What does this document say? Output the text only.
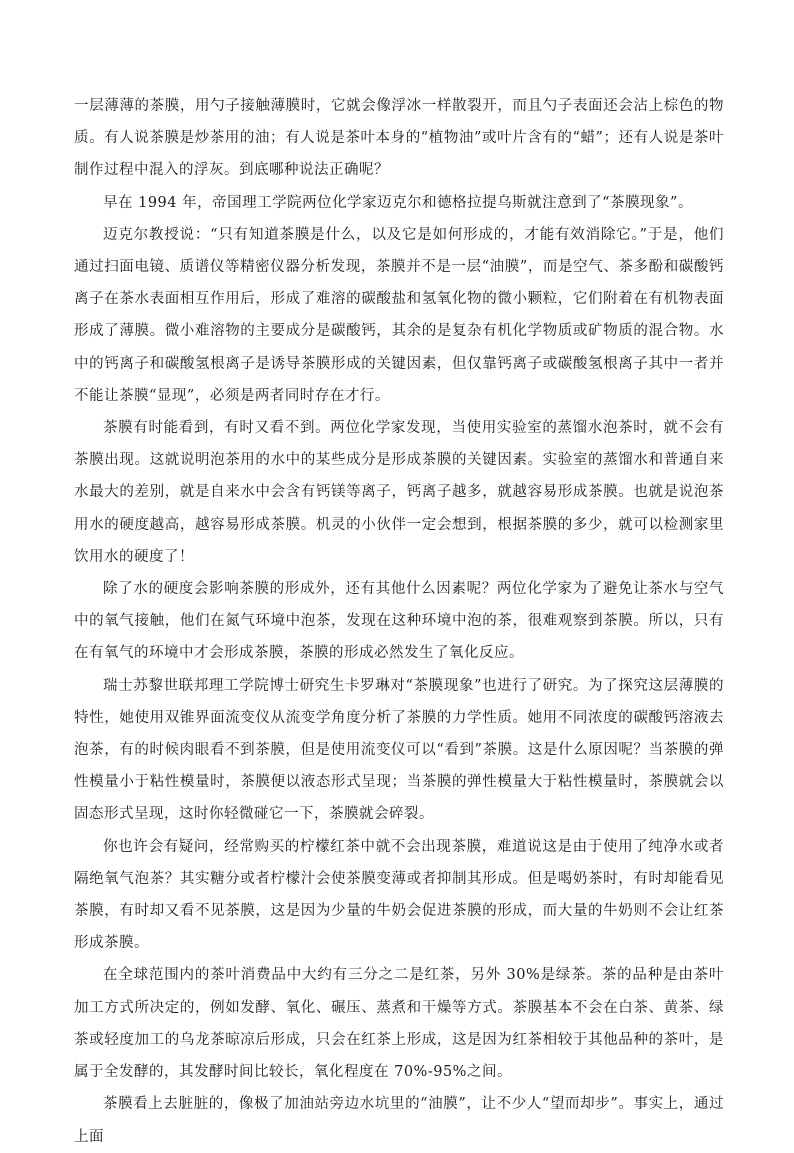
一层薄薄的茶膜，用勺子接触薄膜时，它就会像浮冰一样散裂开，而且勺子表面还会沾上棕色的物质。有人说茶膜是炒茶用的油；有人说是茶叶本身的“植物油”或叶片含有的“蜡”；还有人说是茶叶制作过程中混入的浮灰。到底哪种说法正确呢？

早在 1994 年，帝国理工学院两位化学家迈克尔和德格拉提乌斯就注意到了“茶膜现象”。

迈克尔教授说：“只有知道茶膜是什么，以及它是如何形成的，才能有效消除它。”于是，他们通过扫面电镜、质谱仪等精密仪器分析发现，茶膜并不是一层“油膜”，而是空气、茶多酚和碳酸钙离子在茶水表面相互作用后，形成了难溶的碳酸盐和氢氧化物的微小颗粒，它们附着在有机物表面形成了薄膜。微小难溶物的主要成分是碳酸钙，其余的是复杂有机化学物质或矿物质的混合物。水中的钙离子和碳酸氢根离子是诱导茶膜形成的关键因素，但仅靠钙离子或碳酸氢根离子其中一者并不能让茶膜“显现”，必须是两者同时存在才行。

茶膜有时能看到，有时又看不到。两位化学家发现，当使用实验室的蒸馏水泡茶时，就不会有茶膜出现。这就说明泡茶用的水中的某些成分是形成茶膜的关键因素。实验室的蒸馏水和普通自来水最大的差别，就是自来水中会含有钙镁等离子，钙离子越多，就越容易形成茶膜。也就是说泡茶用水的硬度越高，越容易形成茶膜。机灵的小伙伴一定会想到，根据茶膜的多少，就可以检测家里饮用水的硬度了！

除了水的硬度会影响茶膜的形成外，还有其他什么因素呢？两位化学家为了避免让茶水与空气中的氧气接触，他们在氮气环境中泡茶，发现在这种环境中泡的茶，很难观察到茶膜。所以，只有在有氧气的环境中才会形成茶膜，茶膜的形成必然发生了氧化反应。

瑞士苏黎世联邦理工学院博士研究生卡罗琳对“茶膜现象”也进行了研究。为了探究这层薄膜的特性，她使用双锥界面流变仪从流变学角度分析了茶膜的力学性质。她用不同浓度的碳酸钙溶液去泡茶，有的时候肉眼看不到茶膜，但是使用流变仪可以“看到”茶膜。这是什么原因呢？当茶膜的弹性模量小于粘性模量时，茶膜便以液态形式呈现；当茶膜的弹性模量大于粘性模量时，茶膜就会以固态形式呈现，这时你轻微碰它一下，茶膜就会碎裂。

你也许会有疑问，经常购买的柠檬红茶中就不会出现茶膜，难道说这是由于使用了纯净水或者隔绝氧气泡茶？其实糖分或者柠檬汁会使茶膜变薄或者抑制其形成。但是喝奶茶时，有时却能看见茶膜，有时却又看不见茶膜，这是因为少量的牛奶会促进茶膜的形成，而大量的牛奶则不会让红茶形成茶膜。

在全球范围内的茶叶消费品中大约有三分之二是红茶，另外 30%是绿茶。茶的品种是由茶叶加工方式所决定的，例如发酵、氧化、碾压、蒸煮和干燥等方式。茶膜基本不会在白茶、黄茶、绿茶或轻度加工的乌龙茶晾凉后形成，只会在红茶上形成，这是因为红茶相较于其他品种的茶叶，是属于全发酵的，其发酵时间比较长，氧化程度在 70%-95%之间。

茶膜看上去脏脏的，像极了加油站旁边水坑里的“油膜”，让不少人“望而却步”。事实上，通过上面
